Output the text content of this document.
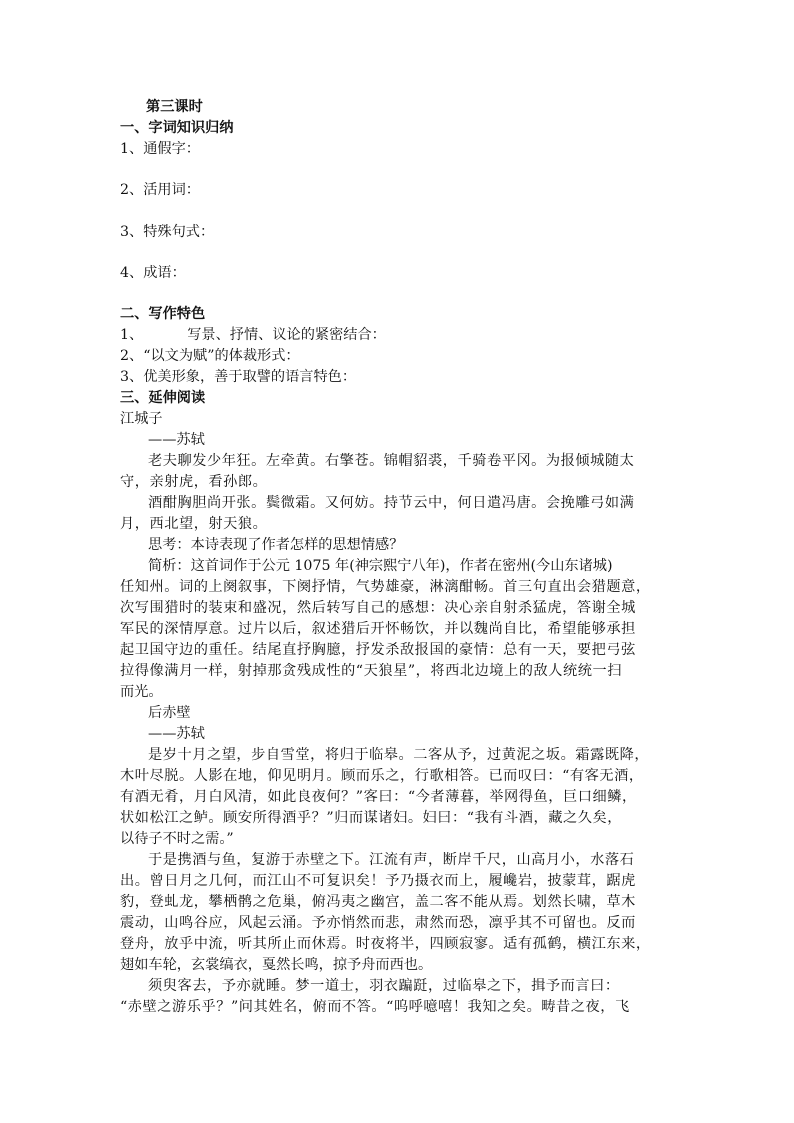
第三课时
一、字词知识归纳
1、通假字：
2、活用词：
3、特殊句式：
4、成语：
二、写作特色
1、	写景、抒情、议论的紧密结合：
2、“以文为赋”的体裁形式：
3、优美形象，善于取譬的语言特色：
三、延伸阅读
江城子
——苏轼
老夫聊发少年狂。左牵黄。右擎苍。锦帽貂裘，千骑卷平冈。为报倾城随太
守，亲射虎，看孙郎。
酒酣胸胆尚开张。鬓微霜。又何妨。持节云中，何日遣冯唐。会挽雕弓如满
月，西北望，射天狼。
思考：本诗表现了作者怎样的思想情感？
简析：这首词作于公元 1075 年(神宗熙宁八年)，作者在密州(今山东诸城)
任知州。词的上阕叙事，下阕抒情，气势雄豪，淋漓酣畅。首三句直出会猎题意，
次写围猎时的装束和盛况，然后转写自己的感想：决心亲自射杀猛虎，答谢全城
军民的深情厚意。过片以后，叙述猎后开怀畅饮，并以魏尚自比，希望能够承担
起卫国守边的重任。结尾直抒胸臆，抒发杀敌报国的豪情：总有一天，要把弓弦
拉得像满月一样，射掉那贪残成性的“天狼星”，将西北边境上的敌人统统一扫
而光。
后赤壁
——苏轼
是岁十月之望，步自雪堂，将归于临皋。二客从予，过黄泥之坂。霜露既降，
木叶尽脱。人影在地，仰见明月。顾而乐之，行歌相答。已而叹曰：“有客无酒，
有酒无肴，月白风清，如此良夜何？”客曰：“今者薄暮，举网得鱼，巨口细鳞，
状如松江之鲈。顾安所得酒乎？”归而谋诸妇。妇曰：“我有斗酒，藏之久矣，
以待子不时之需。”
于是携酒与鱼，复游于赤壁之下。江流有声，断岸千尺，山高月小，水落石
出。曾日月之几何，而江山不可复识矣！予乃摄衣而上，履巉岩，披蒙茸，踞虎
豹，登虬龙，攀栖鹘之危巢，俯冯夷之幽宫，盖二客不能从焉。划然长啸，草木
震动，山鸣谷应，风起云涌。予亦悄然而悲，肃然而恐，凛乎其不可留也。反而
登舟，放乎中流，听其所止而休焉。时夜将半，四顾寂寥。适有孤鹤，横江东来，
翅如车轮，玄裳缟衣，戛然长鸣，掠予舟而西也。
须臾客去，予亦就睡。梦一道士，羽衣蹁跹，过临皋之下，揖予而言曰：
“赤壁之游乐乎？”问其姓名，俯而不答。“呜呼噫嘻！我知之矣。畴昔之夜，飞
